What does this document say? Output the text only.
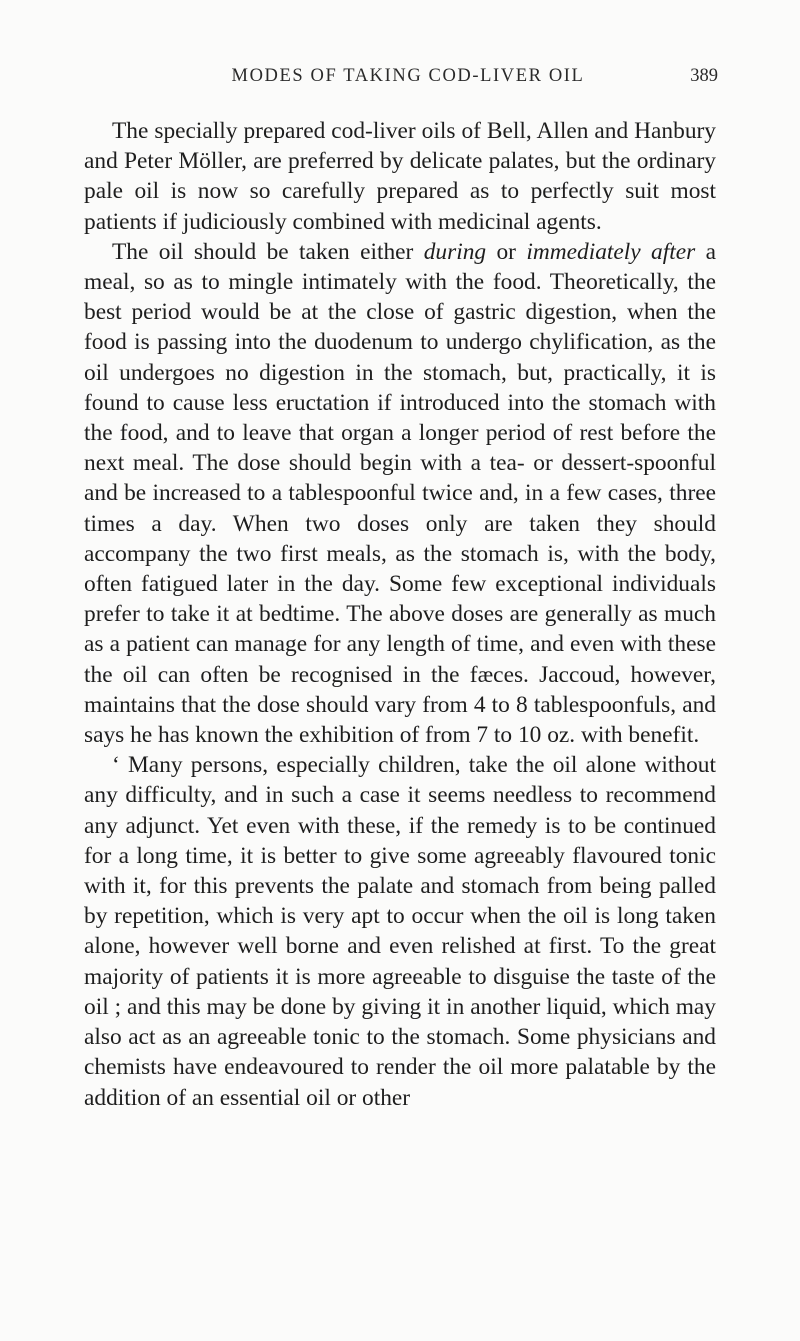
MODES OF TAKING COD-LIVER OIL	389

The specially prepared cod-liver oils of Bell, Allen and Hanbury and Peter Möller, are preferred by delicate palates, but the ordinary pale oil is now so carefully prepared as to perfectly suit most patients if judiciously combined with medicinal agents.

The oil should be taken either during or immediately after a meal, so as to mingle intimately with the food. Theoretically, the best period would be at the close of gastric digestion, when the food is passing into the duodenum to undergo chylification, as the oil undergoes no digestion in the stomach, but, practically, it is found to cause less eructation if introduced into the stomach with the food, and to leave that organ a longer period of rest before the next meal. The dose should begin with a tea- or dessert-spoonful and be increased to a tablespoonful twice and, in a few cases, three times a day. When two doses only are taken they should accompany the two first meals, as the stomach is, with the body, often fatigued later in the day. Some few exceptional individuals prefer to take it at bedtime. The above doses are generally as much as a patient can manage for any length of time, and even with these the oil can often be recognised in the fæces. Jaccoud, however, maintains that the dose should vary from 4 to 8 tablespoonfuls, and says he has known the exhibition of from 7 to 10 oz. with benefit.

‘ Many persons, especially children, take the oil alone without any difficulty, and in such a case it seems needless to recommend any adjunct. Yet even with these, if the remedy is to be continued for a long time, it is better to give some agreeably flavoured tonic with it, for this prevents the palate and stomach from being palled by repetition, which is very apt to occur when the oil is long taken alone, however well borne and even relished at first. To the great majority of patients it is more agreeable to disguise the taste of the oil ; and this may be done by giving it in another liquid, which may also act as an agreeable tonic to the stomach. Some physicians and chemists have endeavoured to render the oil more palatable by the addition of an essential oil or other
